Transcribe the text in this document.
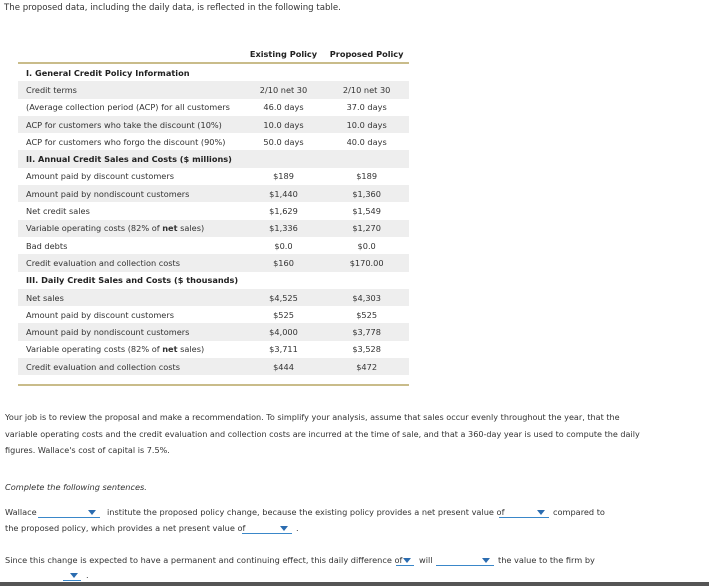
The proposed data, including the daily data, is reflected in the following table.
	Existing Policy	Proposed Policy
I. General Credit Policy Information		
Credit terms	2/10 net 30	2/10 net 30
(Average collection period (ACP) for all customers	46.0 days	37.0 days
ACP for customers who take the discount (10%)	10.0 days	10.0 days
ACP for customers who forgo the discount (90%)	50.0 days	40.0 days
II. Annual Credit Sales and Costs ($ millions)		
Amount paid by discount customers	$189	$189
Amount paid by nondiscount customers	$1,440	$1,360
Net credit sales	$1,629	$1,549
Variable operating costs (82% of net sales)	$1,336	$1,270
Bad debts	$0.0	$0.0
Credit evaluation and collection costs	$160	$170.00
III. Daily Credit Sales and Costs ($ thousands)		
Net sales	$4,525	$4,303
Amount paid by discount customers	$525	$525
Amount paid by nondiscount customers	$4,000	$3,778
Variable operating costs (82% of net sales)	$3,711	$3,528
Credit evaluation and collection costs	$444	$472

Your job is to review the proposal and make a recommendation. To simplify your analysis, assume that sales occur evenly throughout the year, that the variable operating costs and the credit evaluation and collection costs are incurred at the time of sale, and that a 360-day year is used to compute the daily figures. Wallace's cost of capital is 7.5%.
Complete the following sentences.
Wallace	institute the proposed policy change, because the existing policy provides a net present value of	compared to
the proposed policy, which provides a net present value of	.
Since this change is expected to have a permanent and continuing effect, this daily difference of will	the value to the firm by
.
